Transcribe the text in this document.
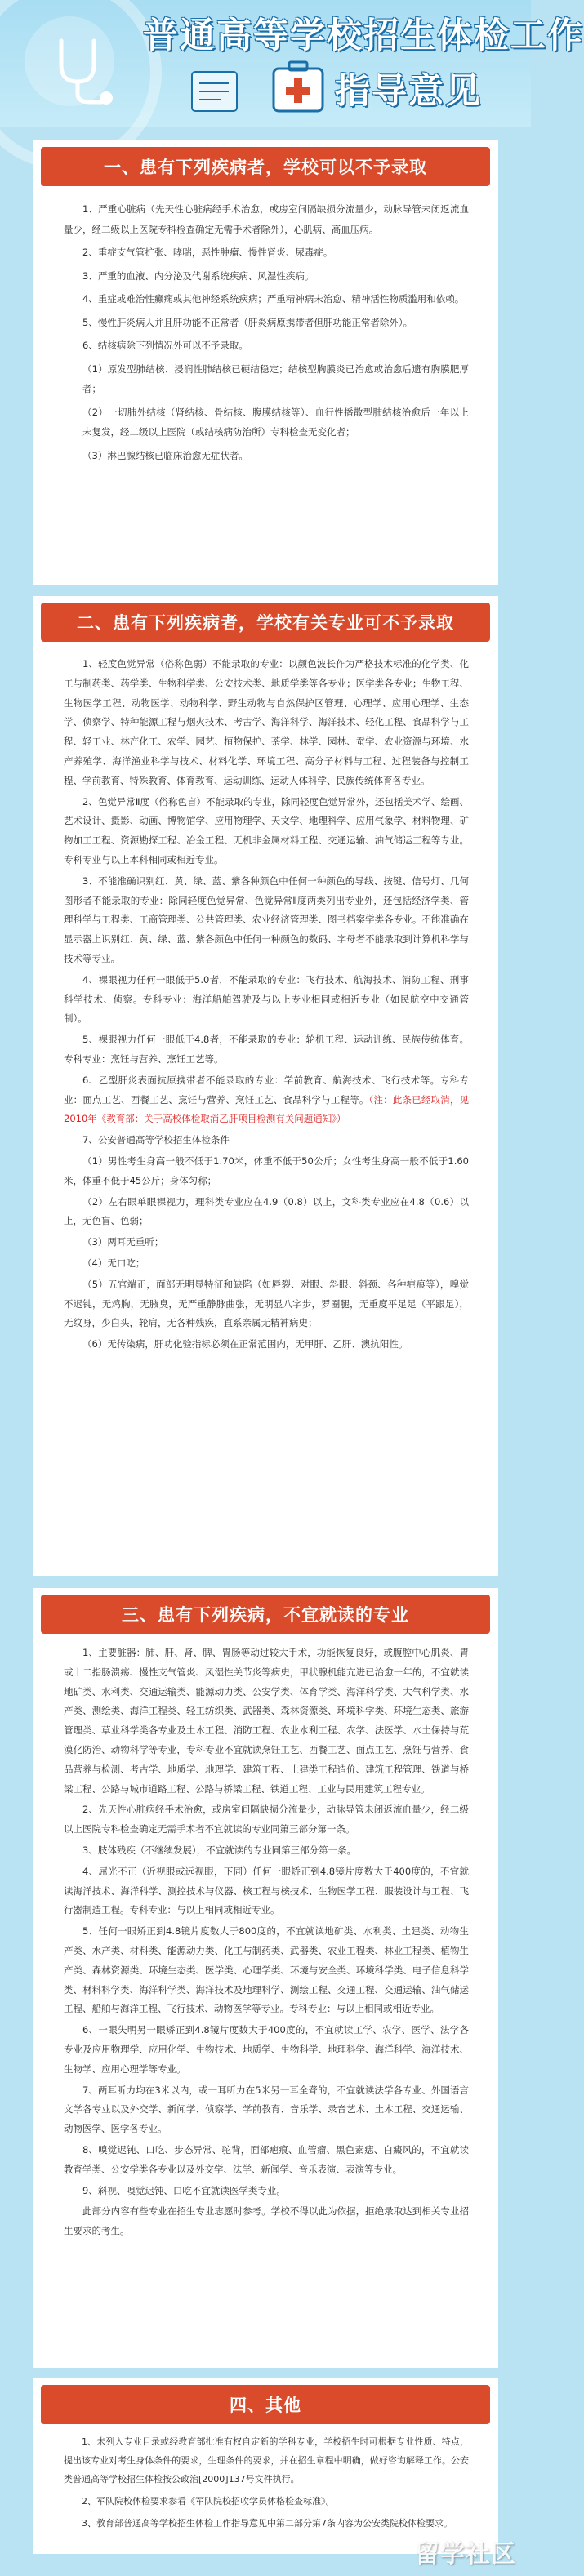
普通高等学校招生体检工作
指导意见
一、患有下列疾病者，学校可以不予录取

1、严重心脏病（先天性心脏病经手术治愈，或房室间隔缺损分流量少，动脉导管未闭返流血量少，经二级以上医院专科检查确定无需手术者除外），心肌病、高血压病。

2、重症支气管扩张、哮喘，恶性肿瘤、慢性肾炎、尿毒症。

3、严重的血液、内分泌及代谢系统疾病、风湿性疾病。

4、重症或难治性癫痫或其他神经系统疾病；严重精神病未治愈、精神活性物质滥用和依赖。

5、慢性肝炎病人并且肝功能不正常者（肝炎病原携带者但肝功能正常者除外）。

6、结核病除下列情况外可以不予录取。

（1）原发型肺结核、浸润性肺结核已硬结稳定；结核型胸膜炎已治愈或治愈后遗有胸膜肥厚者；

（2）一切肺外结核（肾结核、骨结核、腹膜结核等）、血行性播散型肺结核治愈后一年以上未复发，经二级以上医院（或结核病防治所）专科检查无变化者；

（3）淋巴腺结核已临床治愈无症状者。

二、患有下列疾病者，学校有关专业可不予录取

1、轻度色觉异常（俗称色弱）不能录取的专业：以颜色波长作为严格技术标准的化学类、化工与制药类、药学类、生物科学类、公安技术类、地质学类等各专业；医学类各专业；生物工程、生物医学工程、动物医学、动物科学、野生动物与自然保护区管理、心理学、应用心理学、生态学、侦察学、特种能源工程与烟火技术、考古学、海洋科学、海洋技术、轻化工程、食品科学与工程、轻工业、林产化工、农学、园艺、植物保护、茶学、林学、园林、蚕学、农业资源与环境、水产养殖学、海洋渔业科学与技术、材料化学、环境工程、高分子材料与工程、过程装备与控制工程、学前教育、特殊教育、体育教育、运动训练、运动人体科学、民族传统体育各专业。

2、色觉异常Ⅱ度（俗称色盲）不能录取的专业，除同轻度色觉异常外，还包括美术学、绘画、艺术设计、摄影、动画、博物馆学、应用物理学、天文学、地理科学、应用气象学、材料物理、矿物加工工程、资源勘探工程、冶金工程、无机非金属材料工程、交通运输、油气储运工程等专业。专科专业与以上本科相同或相近专业。

3、不能准确识别红、黄、绿、蓝、紫各种颜色中任何一种颜色的导线、按键、信号灯、几何图形者不能录取的专业：除同轻度色觉异常、色觉异常Ⅱ度两类列出专业外，还包括经济学类、管理科学与工程类、工商管理类、公共管理类、农业经济管理类、图书档案学类各专业。不能准确在显示器上识别红、黄、绿、蓝、紫各颜色中任何一种颜色的数码、字母者不能录取到计算机科学与技术等专业。

4、裸眼视力任何一眼低于5.0者，不能录取的专业：飞行技术、航海技术、消防工程、刑事科学技术、侦察。专科专业：海洋船舶驾驶及与以上专业相同或相近专业（如民航空中交通管制）。

5、裸眼视力任何一眼低于4.8者，不能录取的专业：轮机工程、运动训练、民族传统体育。专科专业：烹饪与营养、烹饪工艺等。

6、乙型肝炎表面抗原携带者不能录取的专业：学前教育、航海技术、飞行技术等。专科专业：面点工艺、西餐工艺、烹饪与营养、烹饪工艺、食品科学与工程等。（注：此条已经取消，见2010年《教育部：关于高校体检取消乙肝项目检测有关问题通知》）

7、公安普通高等学校招生体检条件

（1）男性考生身高一般不低于1.70米，体重不低于50公斤；女性考生身高一般不低于1.60米，体重不低于45公斤；身体匀称；

（2）左右眼单眼裸视力，理科类专业应在4.9（0.8）以上，文科类专业应在4.8（0.6）以上，无色盲、色弱；

（3）两耳无重听；

（4）无口吃；

（5）五官端正，面部无明显特征和缺陷（如唇裂、对眼、斜眼、斜颈、各种疤痕等），嗅觉不迟钝，无鸡胸，无腋臭，无严重静脉曲张，无明显八字步，罗圈腿，无重度平足足（平跟足），无纹身，少白头，轮肩，无各种残疾，直系亲属无精神病史；

（6）无传染病，肝功化验指标必须在正常范围内，无甲肝、乙肝、澳抗阳性。

三、患有下列疾病，不宜就读的专业

1、主要脏器：肺、肝、肾、脾、胃肠等动过较大手术，功能恢复良好，或腹腔中心肌炎、胃或十二指肠溃疡、慢性支气管炎、风湿性关节炎等病史，甲状腺机能亢进已治愈一年的，不宜就读地矿类、水利类、交通运输类、能源动力类、公安学类、体育学类、海洋科学类、大气科学类、水产类、测绘类、海洋工程类、轻工纺织类、武器类、森林资源类、环境科学类、环境生态类、旅游管理类、草业科学类各专业及土木工程、消防工程、农业水利工程、农学、法医学、水土保持与荒漠化防治、动物科学等专业，专科专业不宜就读烹饪工艺、西餐工艺、面点工艺、烹饪与营养、食品营养与检测、考古学、地质学、地理学、建筑工程、土建类工程造价、建筑工程管理、铁道与桥梁工程、公路与城市道路工程、公路与桥梁工程、铁道工程、工业与民用建筑工程专业。

2、先天性心脏病经手术治愈，或房室间隔缺损分流量少，动脉导管未闭返流血量少，经二级以上医院专科检查确定无需手术者不宜就读的专业同第三部分第一条。

3、肢体残疾（不继续发展），不宜就读的专业同第三部分第一条。

4、屈光不正（近视眼或远视眼，下同）任何一眼矫正到4.8镜片度数大于400度的，不宜就读海洋技术、海洋科学、测控技术与仪器、核工程与核技术、生物医学工程、服装设计与工程、飞行器制造工程。专科专业：与以上相同或相近专业。

5、任何一眼矫正到4.8镜片度数大于800度的，不宜就读地矿类、水利类、土建类、动物生产类、水产类、材料类、能源动力类、化工与制药类、武器类、农业工程类、林业工程类、植物生产类、森林资源类、环境生态类、医学类、心理学类、环境与安全类、环境科学类、电子信息科学类、材料科学类、海洋科学类、海洋技术及地理科学、测绘工程、交通工程、交通运输、油气储运工程、船舶与海洋工程、飞行技术、动物医学等专业。专科专业：与以上相同或相近专业。

6、一眼失明另一眼矫正到4.8镜片度数大于400度的，不宜就读工学、农学、医学、法学各专业及应用物理学、应用化学、生物技术、地质学、生物科学、地理科学、海洋科学、海洋技术、生物学、应用心理学等专业。

7、两耳听力均在3米以内，或一耳听力在5米另一耳全聋的，不宜就读法学各专业、外国语言文学各专业以及外交学、新闻学、侦察学、学前教育、音乐学、录音艺术、土木工程、交通运输、动物医学、医学各专业。

8、嗅觉迟钝、口吃、步态异常、驼背，面部疤痕、血管瘤、黑色素痣、白癜风的，不宜就读教育学类、公安学类各专业以及外交学、法学、新闻学、音乐表演、表演等专业。

9、斜视、嗅觉迟钝、口吃不宜就读医学类专业。

此部分内容有些专业在招生专业志愿时参考。学校不得以此为依据，拒绝录取达到相关专业招生要求的考生。

四、其他

1、未列入专业目录或经教育部批准有权自定新的学科专业，学校招生时可根据专业性质、特点，提出该专业对考生身体条件的要求，生理条件的要求，并在招生章程中明确，做好咨询解释工作。公安类普通高等学校招生体检按公政治[2000]137号文件执行。

2、军队院校体检要求参看《军队院校招收学员体格检查标准》。

3、教育部普通高等学校招生体检工作指导意见中第二部分第7条内容为公安类院校体检要求。

留学社区
